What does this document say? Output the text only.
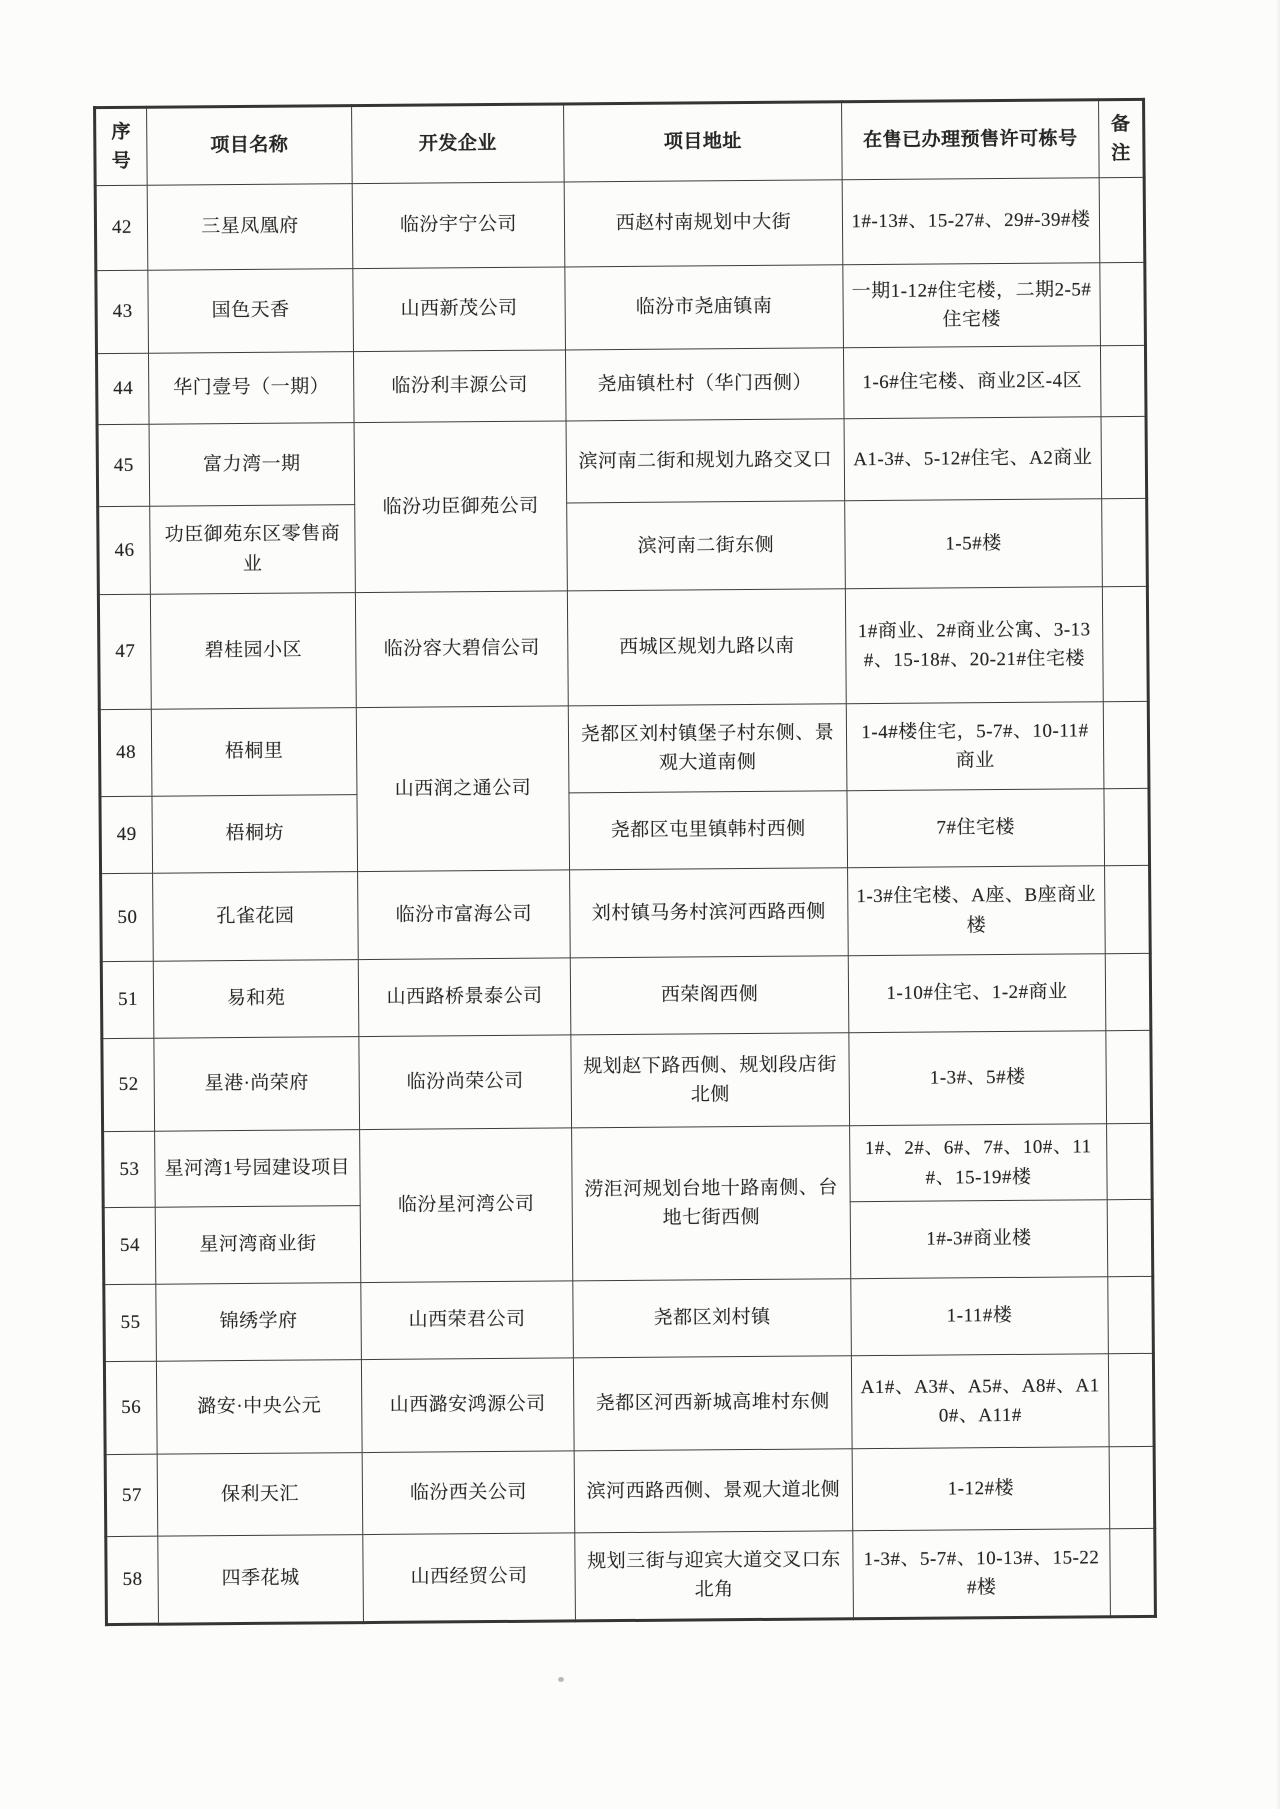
序号	项目名称	开发企业	项目地址	在售已办理预售许可栋号	备注
42	三星凤凰府	临汾宇宁公司	西赵村南规划中大街	1#-13#、15-27#、29#-39#楼	
43	国色天香	山西新茂公司	临汾市尧庙镇南	一期1-12#住宅楼，二期2-5#住宅楼	
44	华门壹号（一期）	临汾利丰源公司	尧庙镇杜村（华门西侧）	1-6#住宅楼、商业2区-4区	
45	富力湾一期	临汾功臣御苑公司	滨河南二街和规划九路交叉口	A1-3#、5-12#住宅、A2商业	
46	功臣御苑东区零售商业		滨河南二街东侧	1-5#楼	
47	碧桂园小区	临汾容大碧信公司	西城区规划九路以南	1#商业、2#商业公寓、3-13#、15-18#、20-21#住宅楼	
48	梧桐里	山西润之通公司	尧都区刘村镇堡子村东侧、景观大道南侧	1-4#楼住宅，5-7#、10-11#商业	
49	梧桐坊		尧都区屯里镇韩村西侧	7#住宅楼	
50	孔雀花园	临汾市富海公司	刘村镇马务村滨河西路西侧	1-3#住宅楼、A座、B座商业楼	
51	易和苑	山西路桥景泰公司	西荣阁西侧	1-10#住宅、1-2#商业	
52	星港·尚荣府	临汾尚荣公司	规划赵下路西侧、规划段店街北侧	1-3#、5#楼	
53	星河湾1号园建设项目	临汾星河湾公司	涝洰河规划台地十路南侧、台地七街西侧	1#、2#、6#、7#、10#、11#、15-19#楼	
54	星河湾商业街			1#-3#商业楼	
55	锦绣学府	山西荣君公司	尧都区刘村镇	1-11#楼	
56	潞安·中央公元	山西潞安鸿源公司	尧都区河西新城高堆村东侧	A1#、A3#、A5#、A8#、A10#、A11#	
57	保利天汇	临汾西关公司	滨河西路西侧、景观大道北侧	1-12#楼	
58	四季花城	山西经贸公司	规划三街与迎宾大道交叉口东北角	1-3#、5-7#、10-13#、15-22#楼	
